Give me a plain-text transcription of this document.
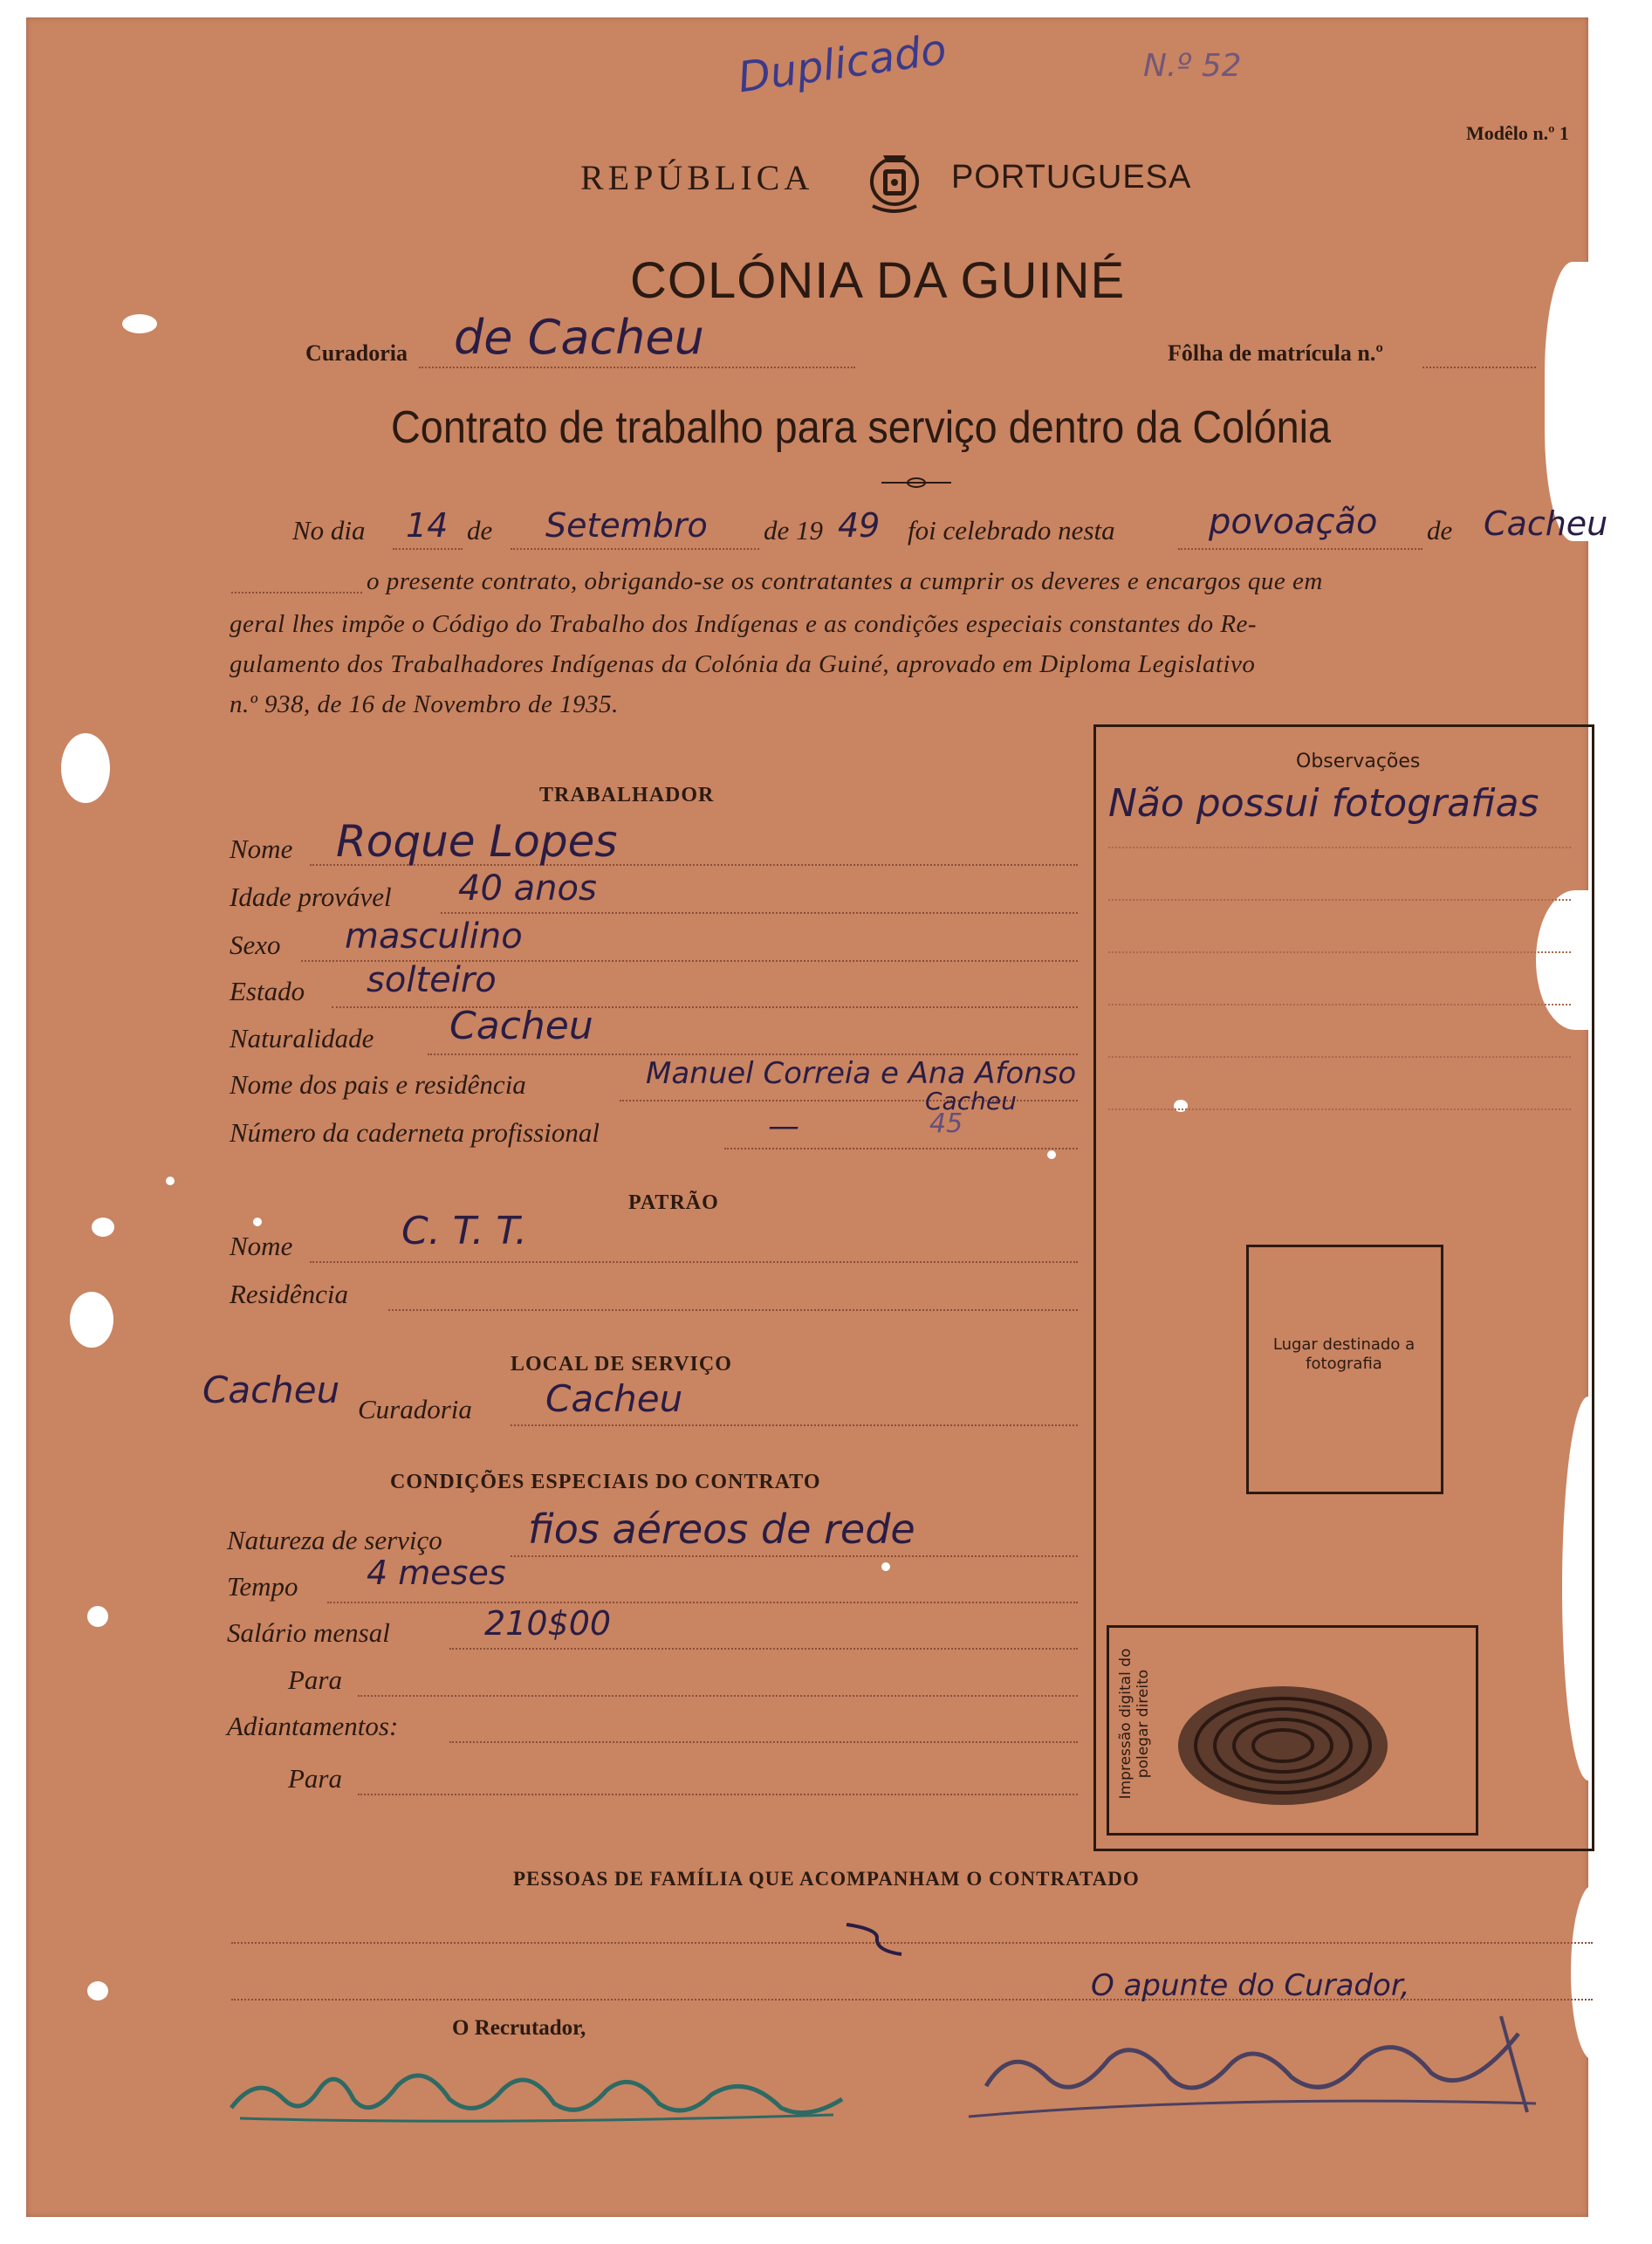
Duplicado	N.º 52
Modêlo n.º 1
REPÚBLICA	PORTUGUESA
COLÓNIA DA GUINÉ
Curadoria de Cacheu	Fôlha de matrícula n.º
Contrato de trabalho para serviço dentro da Colónia
No dia 14 de Setembro de 19 49 foi celebrado nesta	povoação de Cacheu
o presente contrato, obrigando-se os contratantes a cumprir os deveres e encargos que em
geral lhes impõe o Código do Trabalho dos Indígenas e as condições especiais constantes do Re-
gulamento dos Trabalhadores Indígenas da Colónia da Guiné, aprovado em Diploma Legislativo
n.º 938, de 16 de Novembro de 1935.
Observações
Não possui fotografias
Lugar destinado a fotografia
Impressão digital do polegar direito
TRABALHADOR
Nome Roque Lopes
Idade provável 40 anos
Sexo masculino
Estado solteiro
Naturalidade Cacheu
Nome dos pais e residência	Manuel Correia e Ana Afonso
Cacheu
Número da caderneta profissional	—	45
PATRÃO
Nome	C. T. T.
Residência
LOCAL DE SERVIÇO
Cacheu Curadoria Cacheu
CONDIÇÕES ESPECIAIS DO CONTRATO
Natureza de serviço fios aéreos de rede
Tempo 4 meses
Salário mensal	210$00
Para
Adiantamentos:
Para
PESSOAS DE FAMÍLIA QUE ACOMPANHAM O CONTRATADO
O apunte do Curador,
O Recrutador,
